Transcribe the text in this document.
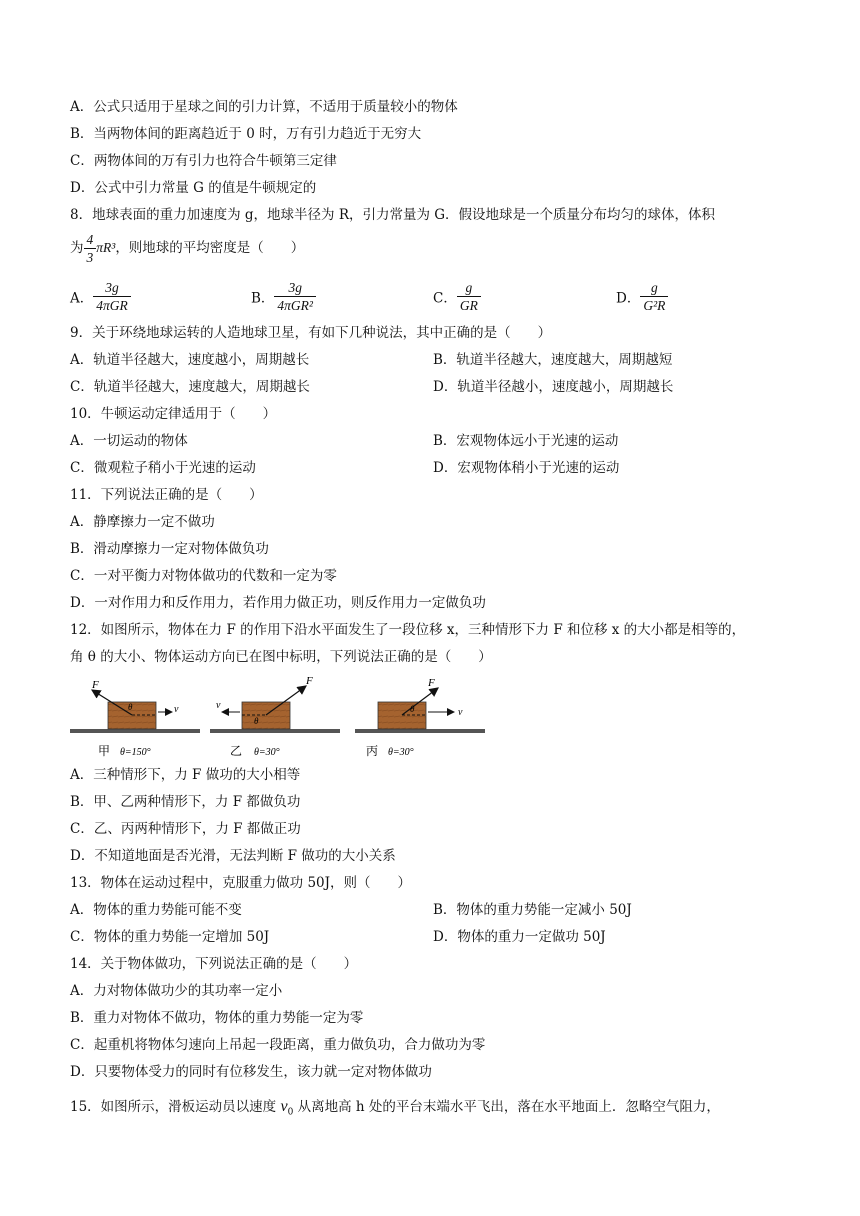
A．公式只适用于星球之间的引力计算，不适用于质量较小的物体
B．当两物体间的距离趋近于 0 时，万有引力趋近于无穷大
C．两物体间的万有引力也符合牛顿第三定律
D．公式中引力常量 G 的值是牛顿规定的
8．地球表面的重力加速度为 g，地球半径为 R，引力常量为 G．假设地球是一个质量分布均匀的球体，体积
为 $\frac{4}{3} \pi R^3$，则地球的平均密度是（　　）
A． $\frac{3g}{\text{4πGR}}$	B． $\frac{3g}{\text{4πGR²}}$	C． $\frac{g}{GR}$	D． $\frac{g}{\text{G²R}}$
9．关于环绕地球运转的人造地球卫星，有如下几种说法，其中正确的是（　　）
A．轨道半径越大，速度越小，周期越长	B．轨道半径越大，速度越大，周期越短
C．轨道半径越大，速度越大，周期越长	D．轨道半径越小，速度越小，周期越长
10．牛顿运动定律适用于（　　）
A．一切运动的物体	B．宏观物体远小于光速的运动
C．微观粒子稍小于光速的运动	D．宏观物体稍小于光速的运动
11．下列说法正确的是（　　）
A．静摩擦力一定不做功
B．滑动摩擦力一定对物体做负功
C．一对平衡力对物体做功的代数和一定为零
D．一对作用力和反作用力，若作用力做正功，则反作用力一定做负功
12．如图所示，物体在力 F 的作用下沿水平面发生了一段位移 x，三种情形下力 F 和位移 x 的大小都是相等的，
角 θ 的大小、物体运动方向已在图中标明，下列说法正确的是（　　）
F
v
θ
甲 θ=150°
F
v
θ
乙 θ=30°
F
v
θ
丙 θ=30°
A．三种情形下，力 F 做功的大小相等
B．甲、乙两种情形下，力 F 都做负功
C．乙、丙两种情形下，力 F 都做正功
D．不知道地面是否光滑，无法判断 F 做功的大小关系
13．物体在运动过程中，克服重力做功 50J，则（　　）
A．物体的重力势能可能不变	B．物体的重力势能一定减小 50J
C．物体的重力势能一定增加 50J	D．物体的重力一定做功 50J
14．关于物体做功，下列说法正确的是（　　）
A．力对物体做功少的其功率一定小
B．重力对物体不做功，物体的重力势能一定为零
C．起重机将物体匀速向上吊起一段距离，重力做负功，合力做功为零
D．只要物体受力的同时有位移发生，该力就一定对物体做功
15．如图所示，滑板运动员以速度 $v_0$ 从离地高 h 处的平台末端水平飞出，落在水平地面上．忽略空气阻力，
